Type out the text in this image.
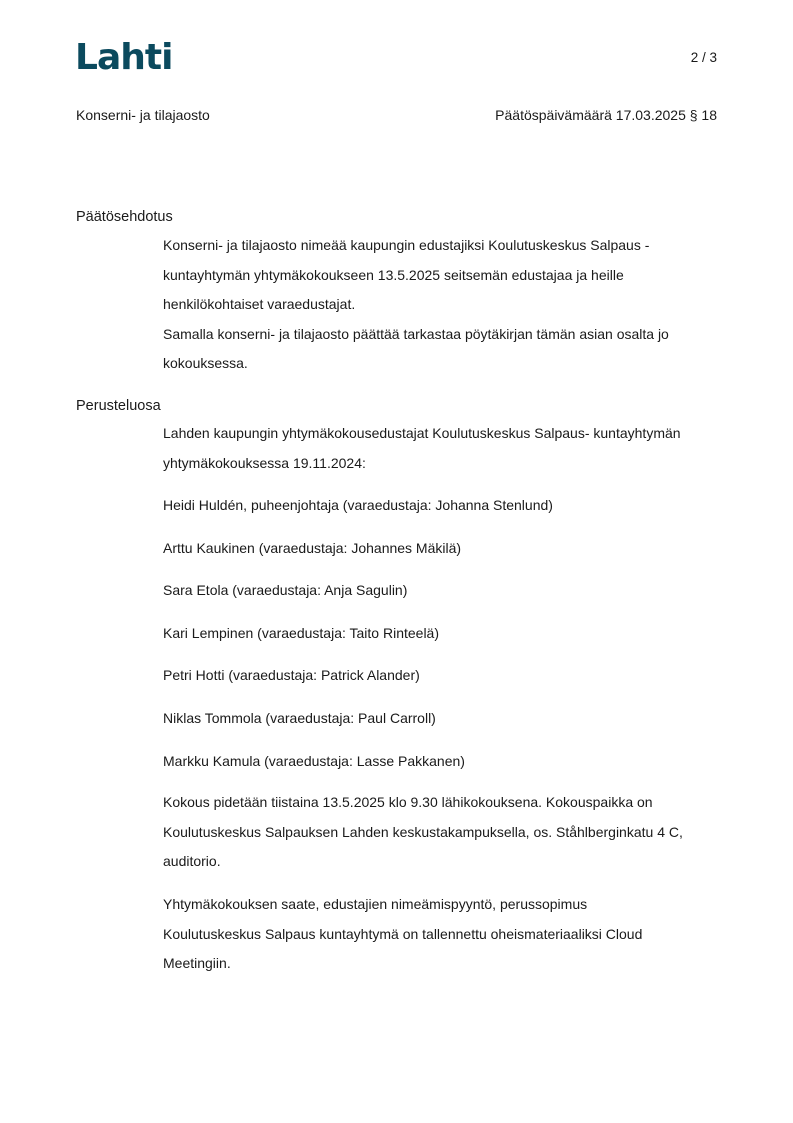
Lahti	2 / 3
Konserni- ja tilajaosto	Päätöspäivämäärä 17.03.2025 § 18
Päätösehdotus

Konserni- ja tilajaosto nimeää kaupungin edustajiksi Koulutuskeskus Salpaus -

kuntayhtymän yhtymäkokoukseen 13.5.2025 seitsemän edustajaa ja heille

henkilökohtaiset varaedustajat.

Samalla konserni- ja tilajaosto päättää tarkastaa pöytäkirjan tämän asian osalta jo

kokouksessa.

Perusteluosa

Lahden kaupungin yhtymäkokousedustajat Koulutuskeskus Salpaus- kuntayhtymän

yhtymäkokouksessa 19.11.2024:

Heidi Huldén, puheenjohtaja (varaedustaja: Johanna Stenlund)

Arttu Kaukinen (varaedustaja: Johannes Mäkilä)

Sara Etola (varaedustaja: Anja Sagulin)

Kari Lempinen (varaedustaja: Taito Rinteelä)

Petri Hotti (varaedustaja: Patrick Alander)

Niklas Tommola (varaedustaja: Paul Carroll)

Markku Kamula (varaedustaja: Lasse Pakkanen)

Kokous pidetään tiistaina 13.5.2025 klo 9.30 lähikokouksena. Kokouspaikka on

Koulutuskeskus Salpauksen Lahden keskustakampuksella, os. Ståhlberginkatu 4 C,

auditorio.

Yhtymäkokouksen saate, edustajien nimeämispyyntö, perussopimus

Koulutuskeskus Salpaus kuntayhtymä on tallennettu oheismateriaaliksi Cloud

Meetingiin.
